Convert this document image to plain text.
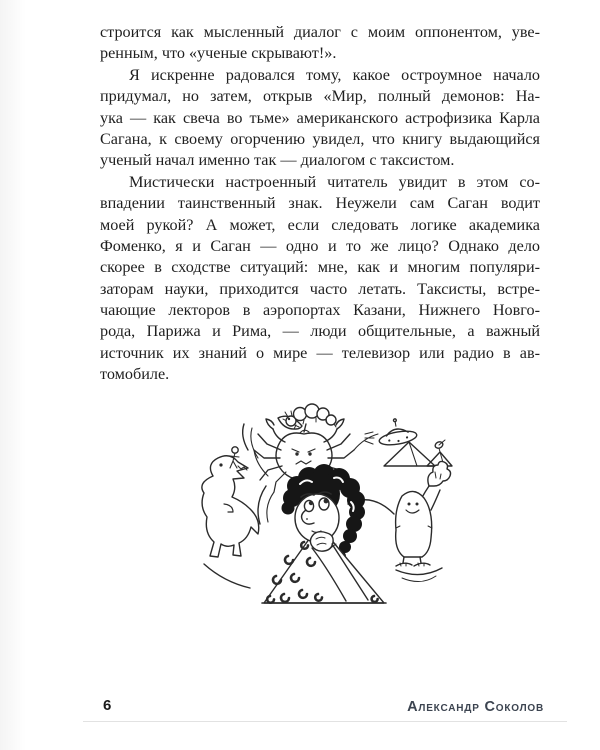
строится как мысленный диалог с моим оппонентом, уве-
ренным, что «ученые скрывают!».
Я искренне радовался тому, какое остроумное начало
придумал, но затем, открыв «Мир, полный демонов: На-
ука — как свеча во тьме» американского астрофизика Карла
Сагана, к своему огорчению увидел, что книгу выдающийся
ученый начал именно так — диалогом с таксистом.
Мистически настроенный читатель увидит в этом со-
впадении таинственный знак. Неужели сам Саган водит
моей рукой? А может, если следовать логике академика
Фоменко, я и Саган — одно и то же лицо? Однако дело
скорее в сходстве ситуаций: мне, как и многим популяри-
заторам науки, приходится часто летать. Таксисты, встре-
чающие лекторов в аэропортах Казани, Нижнего Новго-
рода, Парижа и Рима, — люди общительные, а важный
источник их знаний о мире — телевизор или радио в ав-
томобиле.
6	Александр Соколов
